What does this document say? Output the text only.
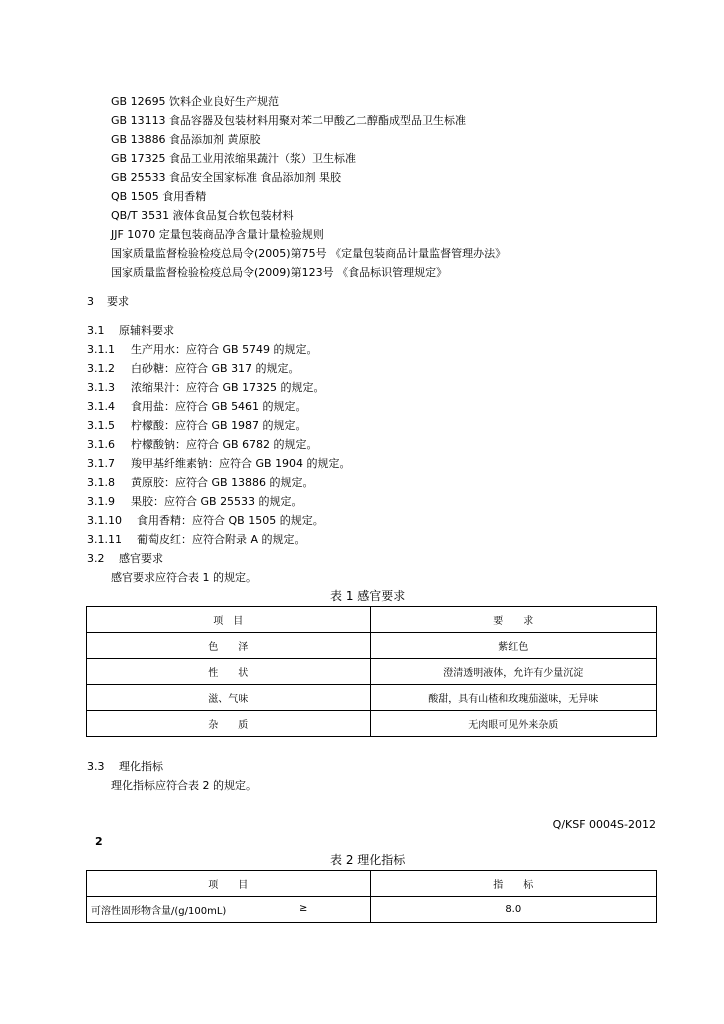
GB 12695 饮料企业良好生产规范
GB 13113 食品容器及包装材料用聚对苯二甲酸乙二醇酯成型品卫生标准
GB 13886 食品添加剂 黄原胶
GB 17325 食品工业用浓缩果蔬汁（浆）卫生标准
GB 25533 食品安全国家标准 食品添加剂 果胶
QB 1505 食用香精
QB/T 3531 液体食品复合软包装材料
JJF 1070 定量包装商品净含量计量检验规则
国家质量监督检验检疫总局令(2005)第75号 《定量包装商品计量监督管理办法》
国家质量监督检验检疫总局令(2009)第123号 《食品标识管理规定》
3 要求
3.1 原辅料要求
3.1.1 生产用水：应符合 GB 5749 的规定。
3.1.2 白砂糖：应符合 GB 317 的规定。
3.1.3 浓缩果汁：应符合 GB 17325 的规定。
3.1.4 食用盐：应符合 GB 5461 的规定。
3.1.5 柠檬酸：应符合 GB 1987 的规定。
3.1.6 柠檬酸钠：应符合 GB 6782 的规定。
3.1.7 羧甲基纤维素钠：应符合 GB 1904 的规定。
3.1.8 黄原胶：应符合 GB 13886 的规定。
3.1.9 果胶：应符合 GB 25533 的规定。
3.1.10 食用香精：应符合 QB 1505 的规定。
3.1.11 葡萄皮红：应符合附录 A 的规定。
3.2 感官要求
感官要求应符合表 1 的规定。
表 1 感官要求
项　目	要　　求
色　　泽	紫红色
性　　状	澄清透明液体，允许有少量沉淀
滋、气味	酸甜，具有山楂和玫瑰茄滋味，无异味
杂　　质	无肉眼可见外来杂质
3.3 理化指标
理化指标应符合表 2 的规定。
Q/KSF 0004S-2012
2
表 2 理化指标
项　　目	指　　标
可溶性固形物含量/(g/100mL) ≥	8.0
